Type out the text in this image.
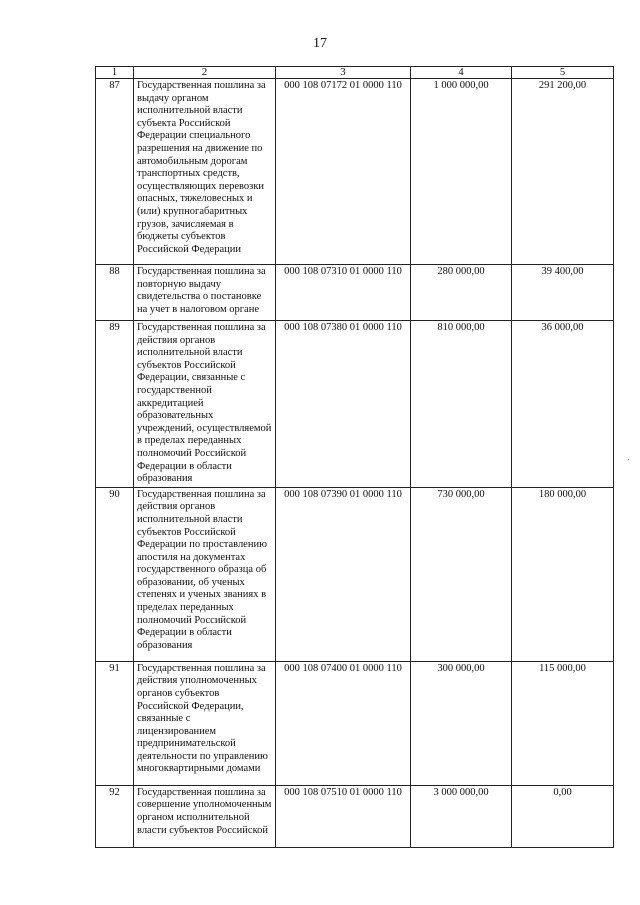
17
1	2	3	4	5
87	Государственная пошлина за выдачу органом исполнительной власти субъекта Российской Федерации специального разрешения на движение по автомобильным дорогам транспортных средств, осуществляющих перевозки опасных, тяжеловесных и (или) крупногабаритных грузов, зачисляемая в бюджеты субъектов Российской Федерации	000 108 07172 01 0000 110	1 000 000,00	291 200,00
88	Государственная пошлина за повторную выдачу свидетельства о постановке на учет в налоговом органе	000 108 07310 01 0000 110	280 000,00	39 400,00
89	Государственная пошлина за действия органов исполнительной власти субъектов Российской Федерации, связанные с государственной аккредитацией образовательных учреждений, осуществляемой в пределах переданных полномочий Российской Федерации в области образования	000 108 07380 01 0000 110	810 000,00	36 000,00
90	Государственная пошлина за действия органов исполнительной власти субъектов Российской Федерации по проставлению апостиля на документах государственного образца об образовании, об ученых степенях и ученых званиях в пределах переданных полномочий Российской Федерации в области образования	000 108 07390 01 0000 110	730 000,00	180 000,00
91	Государственная пошлина за действия уполномоченных органов субъектов Российской Федерации, связанные с лицензированием предпринимательской деятельности по управлению многоквартирными домами	000 108 07400 01 0000 110	300 000,00	115 000,00
92	Государственная пошлина за совершение уполномоченным органом исполнительной власти субъектов Российской	000 108 07510 01 0000 110	3 000 000,00	0,00
.
